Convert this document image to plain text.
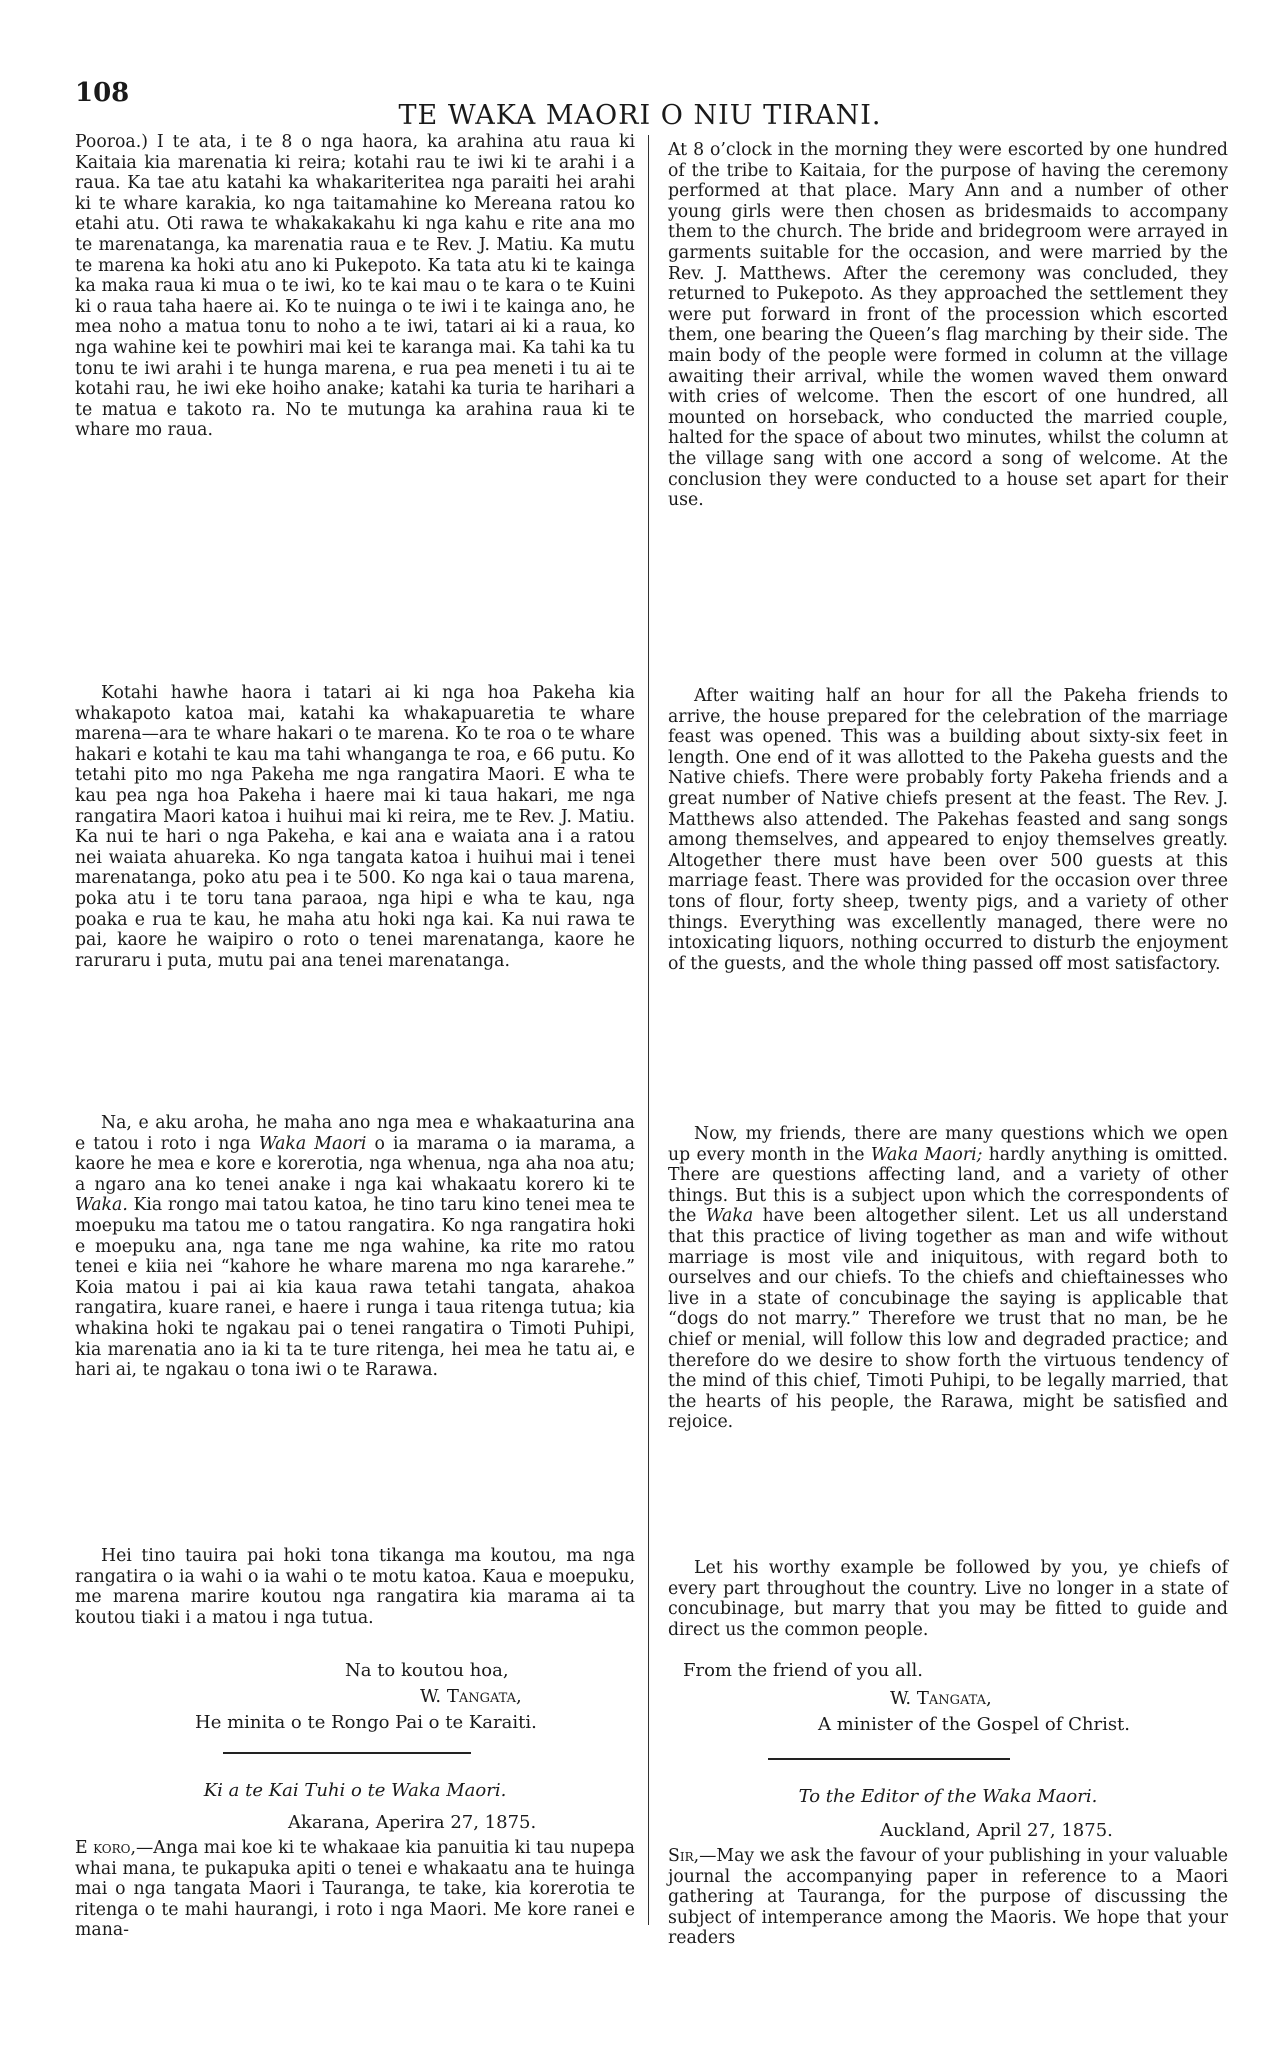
108
TE WAKA MAORI O NIU TIRANI.

Pooroa.) I te ata, i te 8 o nga haora, ka arahina atu raua ki Kaitaia kia marenatia ki reira; kotahi rau te iwi ki te arahi i a raua. Ka tae atu katahi ka whakariteritea nga paraiti hei arahi ki te whare karakia, ko nga taitamahine ko Mereana ratou ko etahi atu. Oti rawa te whakakakahu ki nga kahu e rite ana mo te marenatanga, ka marenatia raua e te Rev. J. Matiu. Ka mutu te marena ka hoki atu ano ki Pukepoto. Ka tata atu ki te kainga ka maka raua ki mua o te iwi, ko te kai mau o te kara o te Kuini ki o raua taha haere ai. Ko te nuinga o te iwi i te kainga ano, he mea noho a matua tonu to noho a te iwi, tatari ai ki a raua, ko nga wahine kei te powhiri mai kei te karanga mai. Ka tahi ka tu tonu te iwi arahi i te hunga marena, e rua pea meneti i tu ai te kotahi rau, he iwi eke hoiho anake; katahi ka turia te harihari a te matua e takoto ra. No te mutunga ka arahina raua ki te whare mo raua.

Kotahi hawhe haora i tatari ai ki nga hoa Pakeha kia whakapoto katoa mai, katahi ka whakapuaretia te whare marena—ara te whare hakari o te marena. Ko te roa o te whare hakari e kotahi te kau ma tahi whanganga te roa, e 66 putu. Ko tetahi pito mo nga Pakeha me nga rangatira Maori. E wha te kau pea nga hoa Pakeha i haere mai ki taua hakari, me nga rangatira Maori katoa i huihui mai ki reira, me te Rev. J. Matiu. Ka nui te hari o nga Pakeha, e kai ana e waiata ana i a ratou nei waiata ahuareka. Ko nga tangata katoa i huihui mai i tenei marenatanga, poko atu pea i te 500. Ko nga kai o taua marena, poka atu i te toru tana paraoa, nga hipi e wha te kau, nga poaka e rua te kau, he maha atu hoki nga kai. Ka nui rawa te pai, kaore he waipiro o roto o tenei marenatanga, kaore he raruraru i puta, mutu pai ana tenei marenatanga.

Na, e aku aroha, he maha ano nga mea e whakaaturina ana e tatou i roto i nga Waka Maori o ia marama o ia marama, a kaore he mea e kore e korerotia, nga whenua, nga aha noa atu; a ngaro ana ko tenei anake i nga kai whakaatu korero ki te Waka. Kia rongo mai tatou katoa, he tino taru kino tenei mea te moepuku ma tatou me o tatou rangatira. Ko nga rangatira hoki e moepuku ana, nga tane me nga wahine, ka rite mo ratou tenei e kiia nei “kahore he whare marena mo nga kararehe.” Koia matou i pai ai kia kaua rawa tetahi tangata, ahakoa rangatira, kuare ranei, e haere i runga i taua ritenga tutua; kia whakina hoki te ngakau pai o tenei rangatira o Timoti Puhipi, kia marenatia ano ia ki ta te ture ritenga, hei mea he tatu ai, e hari ai, te ngakau o tona iwi o te Rarawa.

Hei tino tauira pai hoki tona tikanga ma koutou, ma nga rangatira o ia wahi o ia wahi o te motu katoa. Kaua e moepuku, me marena marire koutou nga rangatira kia marama ai ta koutou tiaki i a matou i nga tutua.

Na to koutou hoa,
W. Tangata,
He minita o te Rongo Pai o te Karaiti.
Ki a te Kai Tuhi o te Waka Maori.
Akarana, Aperira 27, 1875.

E koro,—Anga mai koe ki te whakaae kia panuitia ki tau nupepa whai mana, te pukapuka apiti o tenei e whakaatu ana te huinga mai o nga tangata Maori i Tauranga, te take, kia korerotia te ritenga o te mahi haurangi, i roto i nga Maori. Me kore ranei e mana-

At 8 o’clock in the morning they were escorted by one hundred of the tribe to Kaitaia, for the purpose of having the ceremony performed at that place. Mary Ann and a number of other young girls were then chosen as bridesmaids to accompany them to the church. The bride and bridegroom were arrayed in garments suitable for the occasion, and were married by the Rev. J. Matthews. After the ceremony was concluded, they returned to Pukepoto. As they approached the settlement they were put forward in front of the procession which escorted them, one bearing the Queen’s flag marching by their side. The main body of the people were formed in column at the village awaiting their arrival, while the women waved them onward with cries of welcome. Then the escort of one hundred, all mounted on horseback, who conducted the married couple, halted for the space of about two minutes, whilst the column at the village sang with one accord a song of welcome. At the conclusion they were conducted to a house set apart for their use.

After waiting half an hour for all the Pakeha friends to arrive, the house prepared for the celebration of the marriage feast was opened. This was a building about sixty-six feet in length. One end of it was allotted to the Pakeha guests and the Native chiefs. There were probably forty Pakeha friends and a great number of Native chiefs present at the feast. The Rev. J. Matthews also attended. The Pakehas feasted and sang songs among themselves, and appeared to enjoy themselves greatly. Altogether there must have been over 500 guests at this marriage feast. There was provided for the occasion over three tons of flour, forty sheep, twenty pigs, and a variety of other things. Everything was excellently managed, there were no intoxicating liquors, nothing occurred to disturb the enjoyment of the guests, and the whole thing passed off most satisfactory.

Now, my friends, there are many questions which we open up every month in the Waka Maori; hardly anything is omitted. There are questions affecting land, and a variety of other things. But this is a subject upon which the correspondents of the Waka have been altogether silent. Let us all understand that this practice of living together as man and wife without marriage is most vile and iniquitous, with regard both to ourselves and our chiefs. To the chiefs and chieftainesses who live in a state of concubinage the saying is applicable that “dogs do not marry.” Therefore we trust that no man, be he chief or menial, will follow this low and degraded practice; and therefore do we desire to show forth the virtuous tendency of the mind of this chief, Timoti Puhipi, to be legally married, that the hearts of his people, the Rarawa, might be satisfied and rejoice.

Let his worthy example be followed by you, ye chiefs of every part throughout the country. Live no longer in a state of concubinage, but marry that you may be fitted to guide and direct us the common people.

From the friend of you all.
W. Tangata,
A minister of the Gospel of Christ.
To the Editor of the Waka Maori.
Auckland, April 27, 1875.

Sir,—May we ask the favour of your publishing in your valuable journal the accompanying paper in reference to a Maori gathering at Tauranga, for the purpose of discussing the subject of intemperance among the Maoris. We hope that your readers
